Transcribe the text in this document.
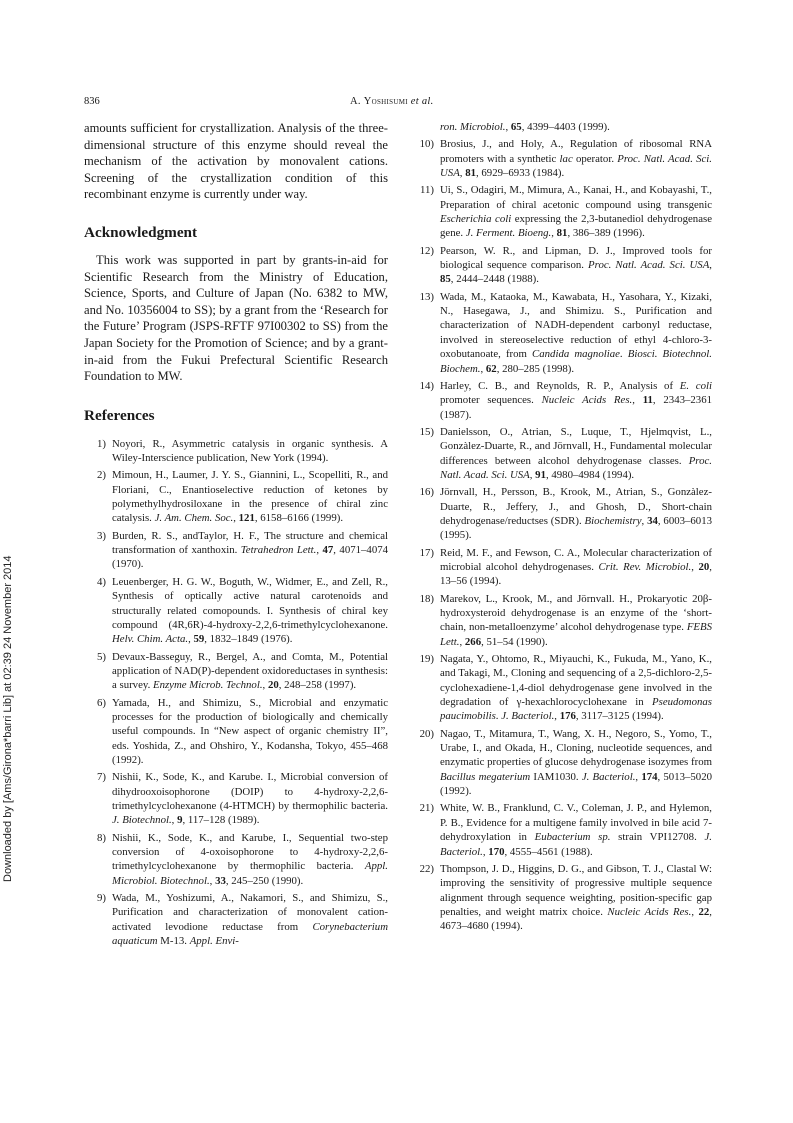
836	A. Yoshisumi et al.
Downloaded by [Ams/Girona*barri Lib] at 02:39 24 November 2014

amounts sufficient for crystallization. Analysis of the three-dimensional structure of this enzyme should reveal the mechanism of the activation by monovalent cations. Screening of the crystallization condition of this recombinant enzyme is currently under way.

Acknowledgment

This work was supported in part by grants-in-aid for Scientific Research from the Ministry of Education, Science, Sports, and Culture of Japan (No. 6382 to MW, and No. 10356004 to SS); by a grant from the ‘Research for the Future’ Program (JSPS-RFTF 97I00302 to SS) from the Japan Society for the Promotion of Science; and by a grant-in-aid from the Fukui Prefectural Scientific Research Foundation to MW.

References
1) Noyori, R., Asymmetric catalysis in organic synthesis. A Wiley-Interscience publication, New York (1994).
2) Mimoun, H., Laumer, J. Y. S., Giannini, L., Scopelliti, R., and Floriani, C., Enantioselective reduction of ketones by polymethylhydrosiloxane in the presence of chiral zinc catalysis. J. Am. Chem. Soc., 121, 6158–6166 (1999).
3) Burden, R. S., andTaylor, H. F., The structure and chemical transformation of xanthoxin. Tetrahedron Lett., 47, 4071–4074 (1970).
4) Leuenberger, H. G. W., Boguth, W., Widmer, E., and Zell, R., Synthesis of optically active natural carotenoids and structurally related comopounds. I. Synthesis of chiral key compound (4R,6R)-4-hydroxy-2,2,6-trimethylcyclohexanone. Helv. Chim. Acta., 59, 1832–1849 (1976).
5) Devaux-Basseguy, R., Bergel, A., and Comta, M., Potential application of NAD(P)-dependent oxidoreductases in synthesis: a survey. Enzyme Microb. Technol., 20, 248–258 (1997).
6) Yamada, H., and Shimizu, S., Microbial and enzymatic processes for the production of biologically and chemically useful compounds. In “New aspect of organic chemistry II”, eds. Yoshida, Z., and Ohshiro, Y., Kodansha, Tokyo, 455–468 (1992).
7) Nishii, K., Sode, K., and Karube. I., Microbial conversion of dihydrooxoisophorone (DOIP) to 4-hydroxy-2,2,6-trimethylcyclohexanone (4-HTMCH) by thermophilic bacteria. J. Biotechnol., 9, 117–128 (1989).
8) Nishii, K., Sode, K., and Karube, I., Sequential two-step conversion of 4-oxoisophorone to 4-hydroxy-2,2,6-trimethylcyclohexanone by thermophilic bacteria. Appl. Microbiol. Biotechnol., 33, 245–250 (1990).
9) Wada, M., Yoshizumi, A., Nakamori, S., and Shimizu, S., Purification and characterization of monovalent cation-activated levodione reductase from Corynebacterium aquaticum M-13. Appl. Envi-

ron. Microbiol., 65, 4399–4403 (1999).

10) Brosius, J., and Holy, A., Regulation of ribosomal RNA promoters with a synthetic lac operator. Proc. Natl. Acad. Sci. USA, 81, 6929–6933 (1984).
11) Ui, S., Odagiri, M., Mimura, A., Kanai, H., and Kobayashi, T., Preparation of chiral acetonic compound using transgenic Escherichia coli expressing the 2,3-butanediol dehydrogenase gene. J. Ferment. Bioeng., 81, 386–389 (1996).
12) Pearson, W. R., and Lipman, D. J., Improved tools for biological sequence comparison. Proc. Natl. Acad. Sci. USA, 85, 2444–2448 (1988).
13) Wada, M., Kataoka, M., Kawabata, H., Yasohara, Y., Kizaki, N., Hasegawa, J., and Shimizu. S., Purification and characterization of NADH-dependent carbonyl reductase, involved in stereoselective reduction of ethyl 4-chloro-3-oxobutanoate, from Candida magnoliae. Biosci. Biotechnol. Biochem., 62, 280–285 (1998).
14) Harley, C. B., and Reynolds, R. P., Analysis of E. coli promoter sequences. Nucleic Acids Res., 11, 2343–2361 (1987).
15) Danielsson, O., Atrian, S., Luque, T., Hjelmqvist, L., Gonzàlez-Duarte, R., and Jörnvall, H., Fundamental molecular differences between alcohol dehydrogenase classes. Proc. Natl. Acad. Sci. USA, 91, 4980–4984 (1994).
16) Jörnvall, H., Persson, B., Krook, M., Atrian, S., Gonzàlez-Duarte, R., Jeffery, J., and Ghosh, D., Short-chain dehydrogenase/reductses (SDR). Biochemistry, 34, 6003–6013 (1995).
17) Reid, M. F., and Fewson, C. A., Molecular characterization of microbial alcohol dehydrogenases. Crit. Rev. Microbiol., 20, 13–56 (1994).
18) Marekov, L., Krook, M., and Jörnvall. H., Prokaryotic 20β-hydroxysteroid dehydrogenase is an enzyme of the ‘short-chain, non-metalloenzyme’ alcohol dehydrogenase type. FEBS Lett., 266, 51–54 (1990).
19) Nagata, Y., Ohtomo, R., Miyauchi, K., Fukuda, M., Yano, K., and Takagi, M., Cloning and sequencing of a 2,5-dichloro-2,5-cyclohexadiene-1,4-diol dehydrogenase gene involved in the degradation of γ-hexachlorocyclohexane in Pseudomonas paucimobilis. J. Bacteriol., 176, 3117–3125 (1994).
20) Nagao, T., Mitamura, T., Wang, X. H., Negoro, S., Yomo, T., Urabe, I., and Okada, H., Cloning, nucleotide sequences, and enzymatic properties of glucose dehydrogenase isozymes from Bacillus megaterium IAM1030. J. Bacteriol., 174, 5013–5020 (1992).
21) White, W. B., Franklund, C. V., Coleman, J. P., and Hylemon, P. B., Evidence for a multigene family involved in bile acid 7-dehydroxylation in Eubacterium sp. strain VPI12708. J. Bacteriol., 170, 4555–4561 (1988).
22) Thompson, J. D., Higgins, D. G., and Gibson, T. J., Clastal W: improving the sensitivity of progressive multiple sequence alignment through sequence weighting, position-specific gap penalties, and weight matrix choice. Nucleic Acids Res., 22, 4673–4680 (1994).
